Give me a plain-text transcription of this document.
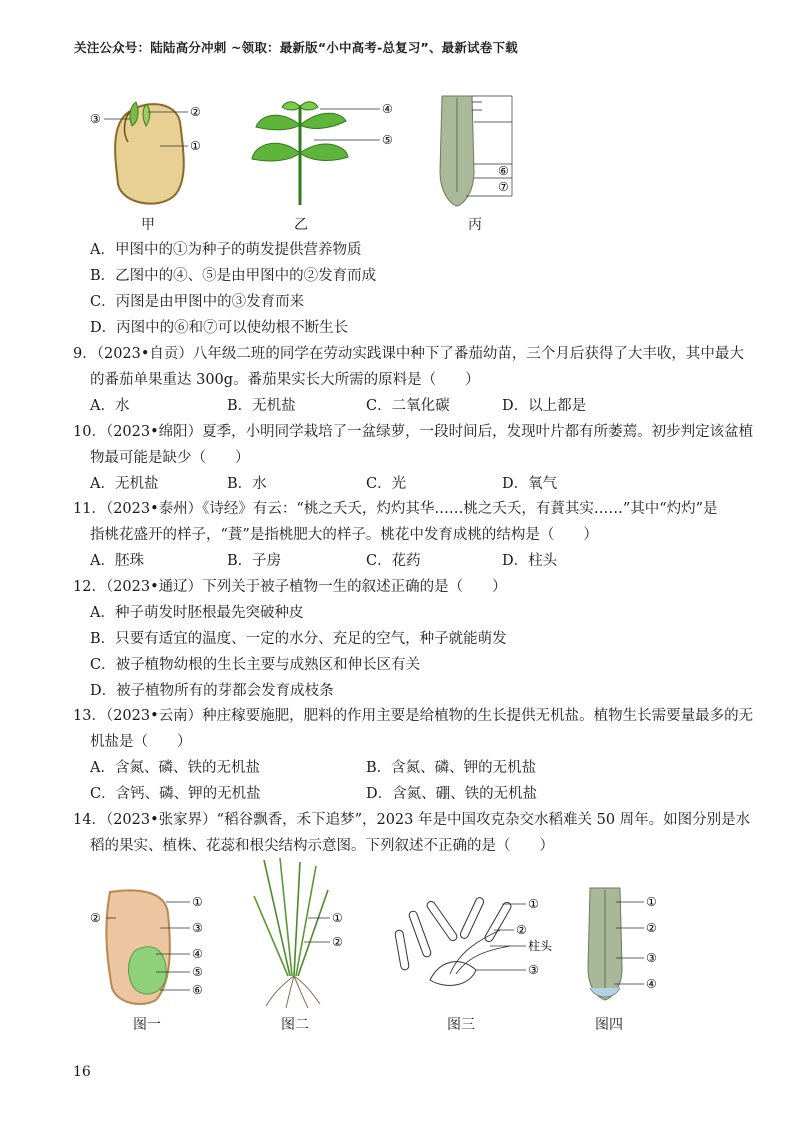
关注公众号：陆陆高分冲刺 ~领取：最新版“小中高考-总复习”、最新试卷下载
③	②
①
甲
④
⑤
乙
⑥
⑦
丙
A．甲图中的①为种子的萌发提供营养物质
B．乙图中的④、⑤是由甲图中的②发育而成
C．丙图是由甲图中的③发育而来
D．丙图中的⑥和⑦可以使幼根不断生长
9．（2023•自贡）八年级二班的同学在劳动实践课中种下了番茄幼苗，三个月后获得了大丰收，其中最大
的番茄单果重达 300g。番茄果实长大所需的原料是（　　）
A．水	B．无机盐	C．二氧化碳	D．以上都是
10．（2023•绵阳）夏季，小明同学栽培了一盆绿萝，一段时间后，发现叶片都有所萎蔫。初步判定该盆植
物最可能是缺少（　　）
A．无机盐	B．水	C．光	D．氧气
11．（2023•泰州）《诗经》有云：“桃之夭夭，灼灼其华……桃之夭夭，有蕡其实……”其中“灼灼”是
指桃花盛开的样子，“蕡”是指桃肥大的样子。桃花中发育成桃的结构是（　　）
A．胚珠	B．子房	C．花药	D．柱头
12．（2023•通辽）下列关于被子植物一生的叙述正确的是（　　）
A．种子萌发时胚根最先突破种皮
B．只要有适宜的温度、一定的水分、充足的空气，种子就能萌发
C．被子植物幼根的生长主要与成熟区和伸长区有关
D．被子植物所有的芽都会发育成枝条
13．（2023•云南）种庄稼要施肥，肥料的作用主要是给植物的生长提供无机盐。植物生长需要量最多的无
机盐是（　　）
A．含氮、磷、铁的无机盐	B．含氮、磷、钾的无机盐
C．含钙、磷、钾的无机盐	D．含氮、硼、铁的无机盐
14．（2023•张家界）“稻谷飘香，禾下追梦”，2023 年是中国攻克杂交水稻难关 50 周年。如图分别是水
稻的果实、植株、花蕊和根尖结构示意图。下列叙述不正确的是（　　）
①
②
③
④
⑤
⑥
图一
①
②
图二
①
②
柱头
③
图三
①
②
③
④
图四
16
